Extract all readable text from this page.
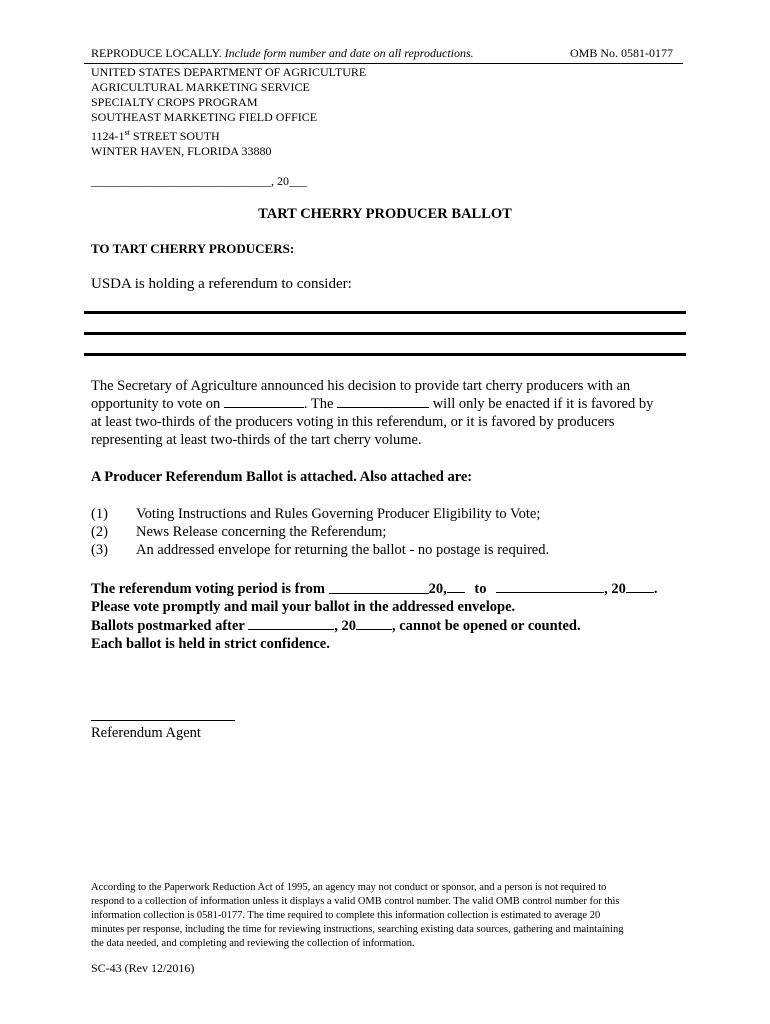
REPRODUCE LOCALLY. Include form number and date on all reproductions.	OMB No. 0581-0177
UNITED STATES DEPARTMENT OF AGRICULTURE
AGRICULTURAL MARKETING SERVICE
SPECIALTY CROPS PROGRAM
SOUTHEAST MARKETING FIELD OFFICE
1124-1st STREET SOUTH
WINTER HAVEN, FLORIDA 33880
______________________________, 20___
TART CHERRY PRODUCER BALLOT
TO TART CHERRY PRODUCERS:
USDA is holding a referendum to consider:
The Secretary of Agriculture announced his decision to provide tart cherry producers with an
opportunity to vote on	. The	will only be enacted if it is favored by
at least two-thirds of the producers voting in this referendum, or it is favored by producers
representing at least two-thirds of the tart cherry volume.
A Producer Referendum Ballot is attached. Also attached are:
(1) Voting Instructions and Rules Governing Producer Eligibility to Vote;
(2) News Release concerning the Referendum;
(3) An addressed envelope for returning the ballot - no postage is required.
The referendum voting period is from	20, to	, 20 .
Please vote promptly and mail your ballot in the addressed envelope.
Ballots postmarked after	, 20 , cannot be opened or counted.
Each ballot is held in strict confidence.
Referendum Agent
According to the Paperwork Reduction Act of 1995, an agency may not conduct or sponsor, and a person is not required to
respond to a collection of information unless it displays a valid OMB control number. The valid OMB control number for this
information collection is 0581-0177. The time required to complete this information collection is estimated to average 20
minutes per response, including the time for reviewing instructions, searching existing data sources, gathering and maintaining
the data needed, and completing and reviewing the collection of information.
SC-43 (Rev 12/2016)
